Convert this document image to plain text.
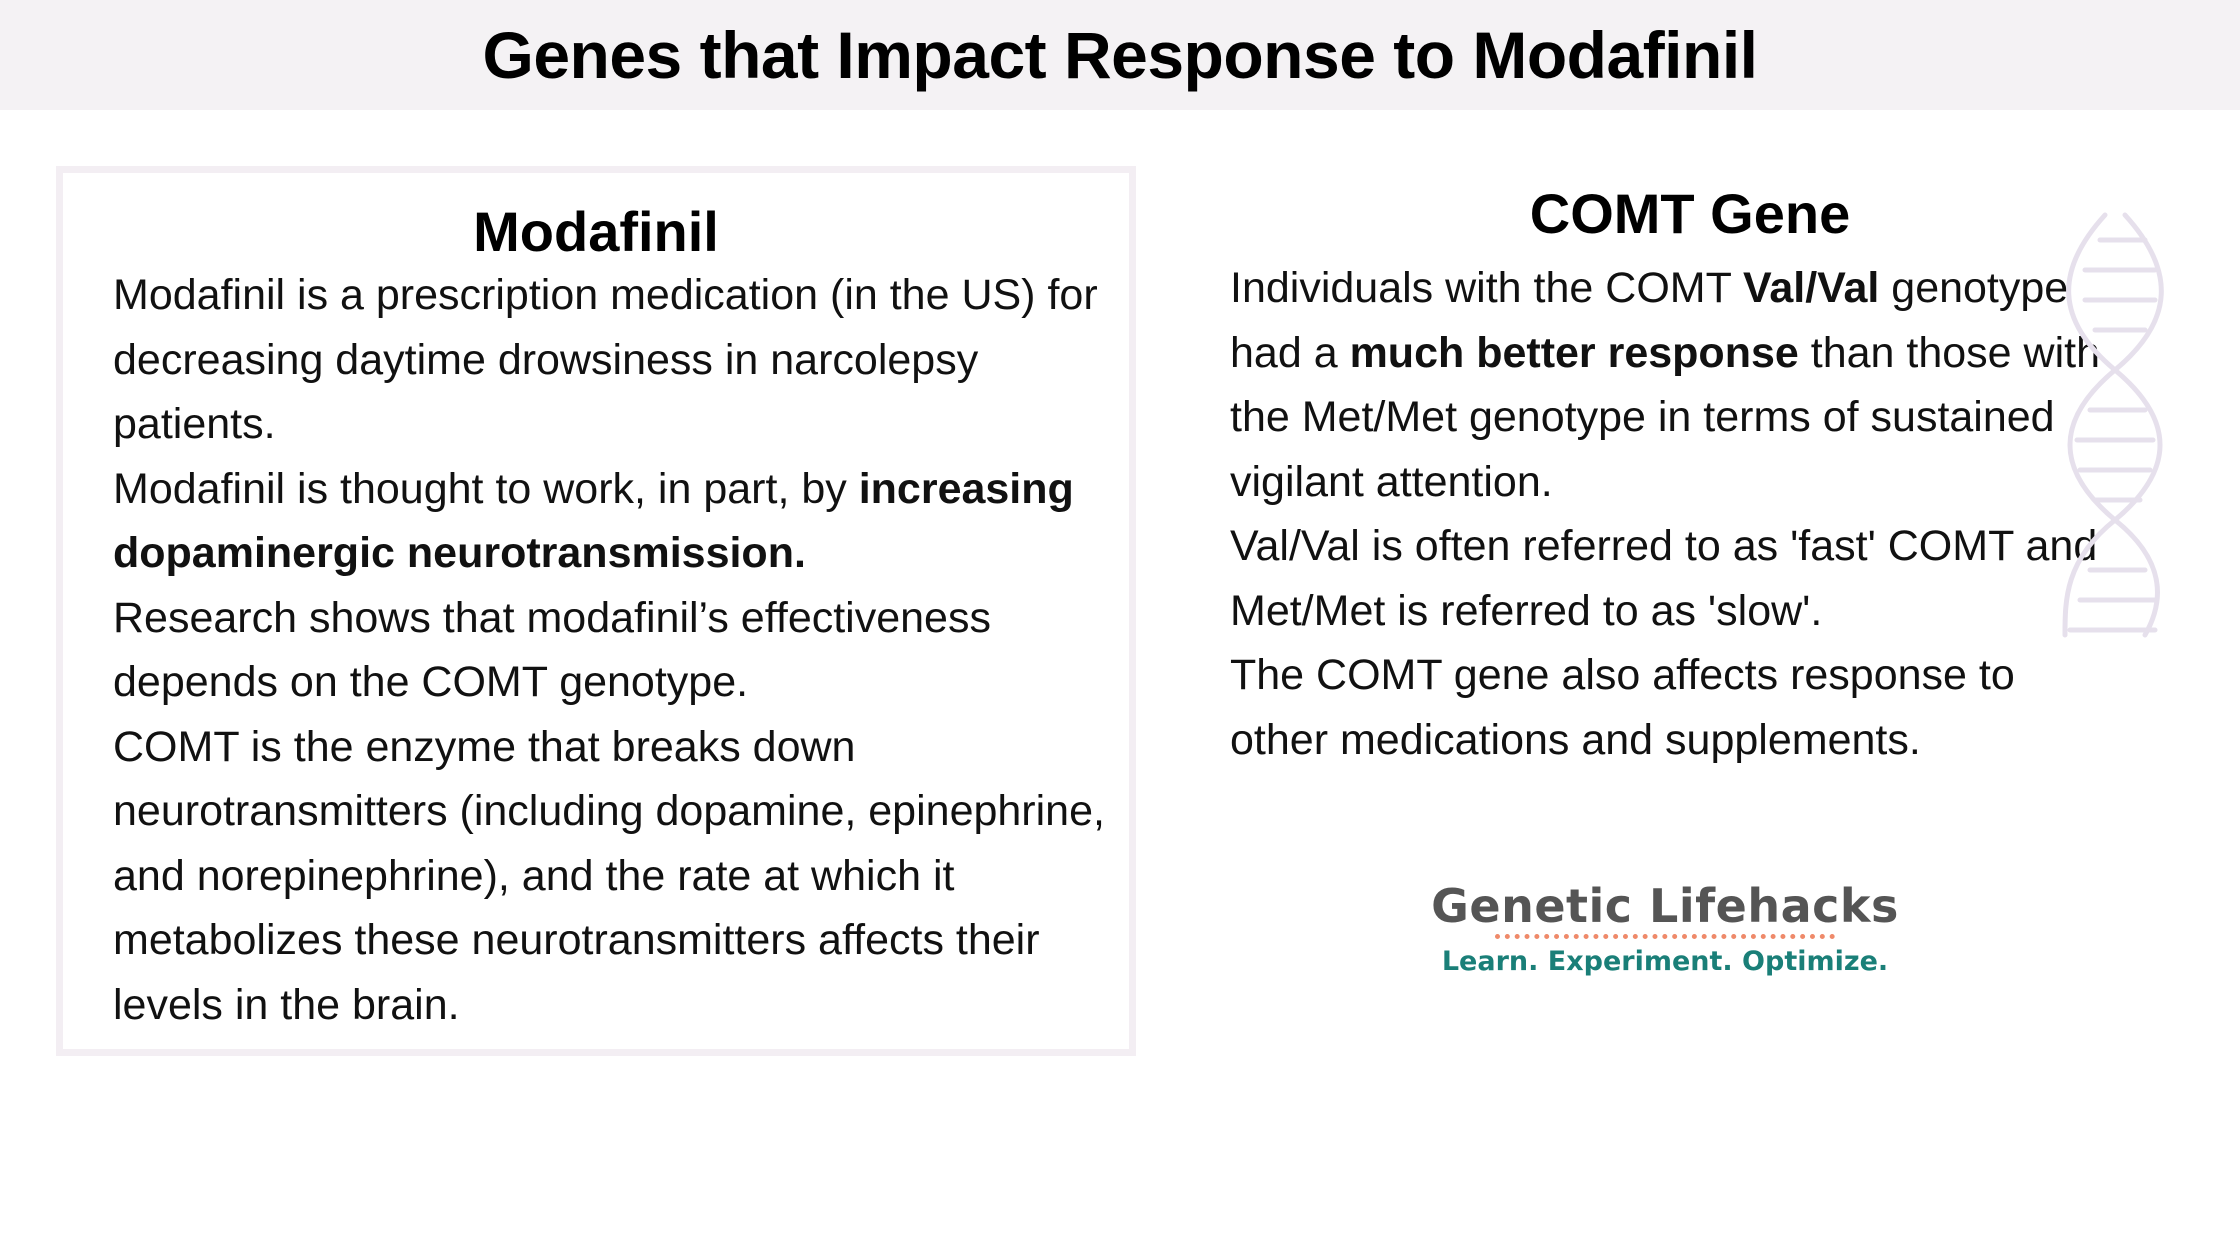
Genes that Impact Response to Modafinil
Modafinil
Modafinil is a prescription medication (in the US) for decreasing daytime drowsiness in narcolepsy patients.
Modafinil is thought to work, in part, by increasing dopaminergic neurotransmission.
Research shows that modafinil’s effectiveness depends on the COMT genotype.
COMT is the enzyme that breaks down neurotransmitters (including dopamine, epinephrine, and norepinephrine), and the rate at which it metabolizes these neurotransmitters affects their levels in the brain.
COMT Gene
Individuals with the COMT Val/Val genotype had a much better response than those with the Met/Met genotype in terms of sustained vigilant attention.
Val/Val is often referred to as 'fast' COMT and Met/Met is referred to as 'slow'.
The COMT gene also affects response to other medications and supplements.
Genetic Lifehacks
Learn. Experiment. Optimize.
